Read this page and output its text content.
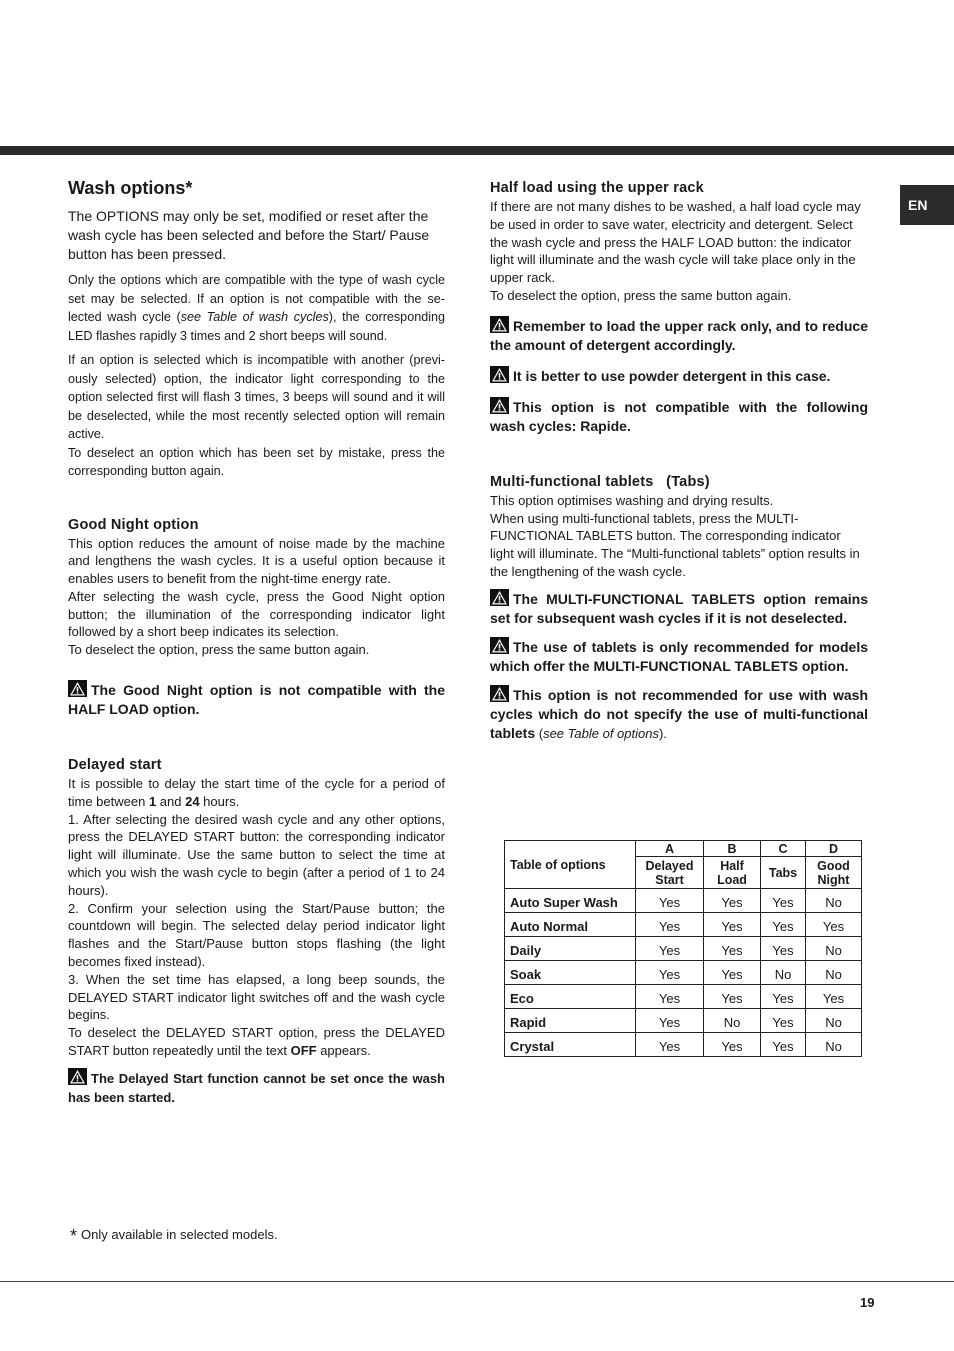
EN
Wash options*

The OPTIONS may only be set, modified or reset after the wash cycle has been selected and before the Start/ Pause button has been pressed.

Only the options which are compatible with the type of wash cycle set may be selected. If an option is not compatible with the se- lected wash cycle (see Table of wash cycles), the corresponding LED flashes rapidly 3 times and 2 short beeps will sound.

If an option is selected which is incompatible with another (previ- ously selected) option, the indicator light corresponding to the option selected first will flash 3 times, 3 beeps will sound and it will be deselected, while the most recently selected option will remain active.

To deselect an option which has been set by mistake, press the corresponding button again.

Good Night option

This option reduces the amount of noise made by the machine and lengthens the wash cycles. It is a useful option because it enables users to benefit from the night-time energy rate.

After selecting the wash cycle, press the Good Night option button; the illumination of the corresponding indicator light followed by a short beep indicates its selection.

To deselect the option, press the same button again.

The Good Night option is not compatible with the HALF LOAD option.

Delayed start

It is possible to delay the start time of the cycle for a period of time between 1 and 24 hours.

1. After selecting the desired wash cycle and any other options, press the DELAYED START button: the corresponding indicator light will illuminate. Use the same button to select the time at which you wish the wash cycle to begin (after a period of 1 to 24 hours).

2. Confirm your selection using the Start/Pause button; the countdown will begin. The selected delay period indicator light flashes and the Start/Pause button stops flashing (the light becomes fixed instead).

3. When the set time has elapsed, a long beep sounds, the DELAYED START indicator light switches off and the wash cycle begins.

To deselect the DELAYED START option, press the DELAYED START button repeatedly until the text OFF appears.

The Delayed Start function cannot be set once the wash has been started.

Half load using the upper rack

If there are not many dishes to be washed, a half load cycle may be used in order to save water, electricity and detergent. Select the wash cycle and press the HALF LOAD button: the indicator light will illuminate and the wash cycle will take place only in the upper rack.

To deselect the option, press the same button again.

Remember to load the upper rack only, and to reduce the amount of detergent accordingly.

It is better to use powder detergent in this case.

This option is not compatible with the following wash cycles: Rapide.

Multi-functional tablets   (Tabs)

This option optimises washing and drying results.

When using multi-functional tablets, press the MULTI- FUNCTIONAL TABLETS button. The corresponding indicator light will illuminate. The “Multi-functional tablets” option results in the lengthening of the wash cycle.

The MULTI-FUNCTIONAL TABLETS option remains set for subsequent wash cycles if it is not deselected.

The use of tablets is only recommended for models which offer the MULTI-FUNCTIONAL TABLETS option.

This option is not recommended for use with wash cycles which do not specify the use of multi-functional tablets (see Table of options).

Table of options	A	B	C	D
	Delayed Start	Half Load	Tabs	Good Night
Auto Super Wash	Yes	Yes	Yes	No
Auto Normal	Yes	Yes	Yes	Yes
Daily	Yes	Yes	Yes	No
Soak	Yes	Yes	No	No
Eco	Yes	Yes	Yes	Yes
Rapid	Yes	No	Yes	No
Crystal	Yes	Yes	Yes	No
* Only available in selected models.
19
